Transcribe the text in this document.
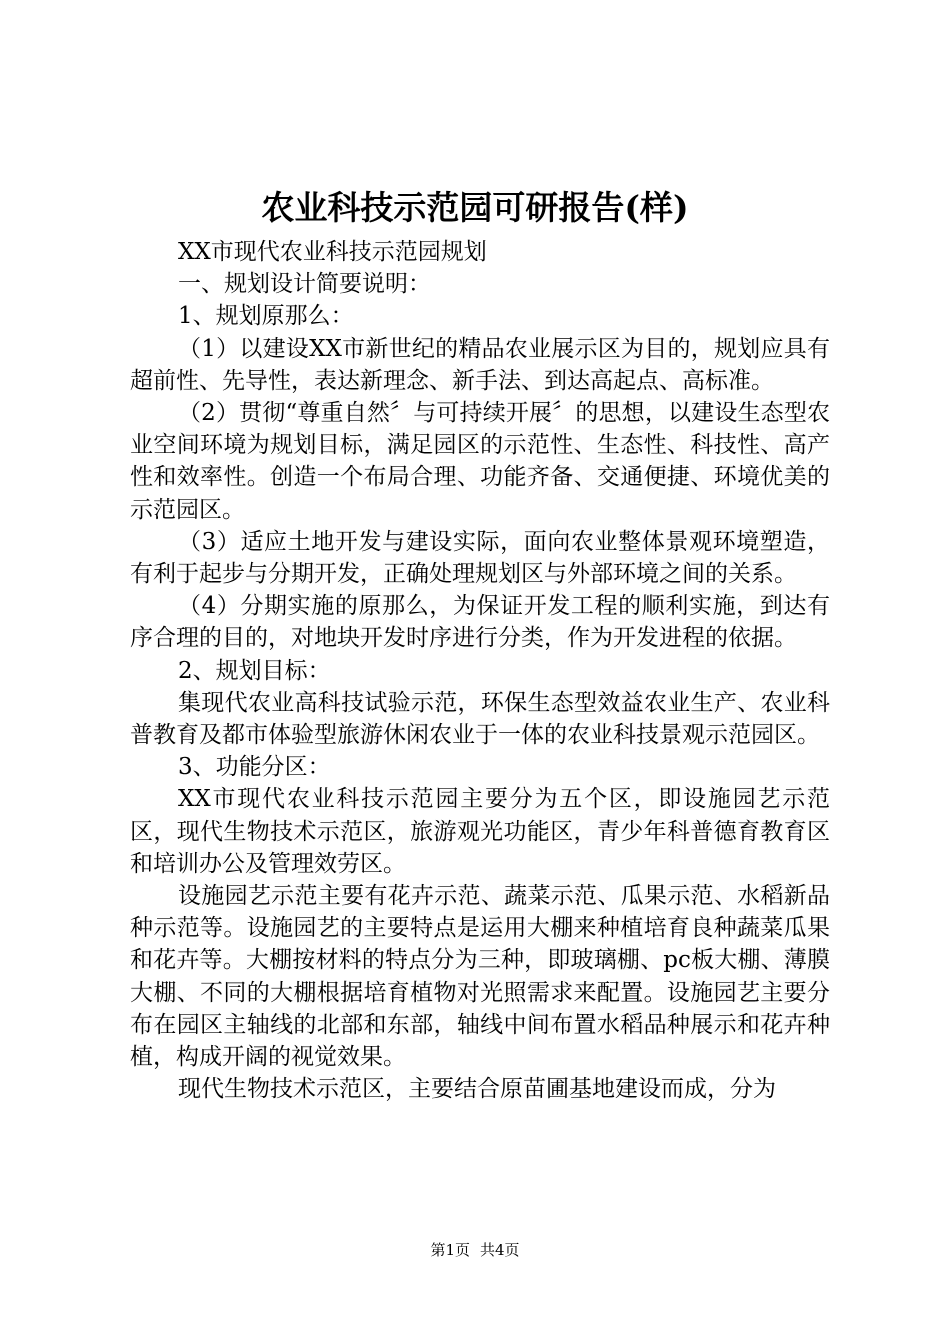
农业科技示范园可研报告(样)

XX市现代农业科技示范园规划

一、规划设计简要说明：

1、规划原那么：

（1）以建设XX市新世纪的精品农业展示区为目的，规划应具有超前性、先导性，表达新理念、新手法、到达高起点、高标准。

（2）贯彻“尊重自然〞与可持续开展〞的思想，以建设生态型农业空间环境为规划目标，满足园区的示范性、生态性、科技性、高产性和效率性。创造一个布局合理、功能齐备、交通便捷、环境优美的示范园区。

（3）适应土地开发与建设实际，面向农业整体景观环境塑造，有利于起步与分期开发，正确处理规划区与外部环境之间的关系。

（4）分期实施的原那么，为保证开发工程的顺利实施，到达有序合理的目的，对地块开发时序进行分类，作为开发进程的依据。

2、规划目标：

集现代农业高科技试验示范，环保生态型效益农业生产、农业科普教育及都市体验型旅游休闲农业于一体的农业科技景观示范园区。

3、功能分区：

XX市现代农业科技示范园主要分为五个区，即设施园艺示范区，现代生物技术示范区，旅游观光功能区，青少年科普德育教育区和培训办公及管理效劳区。

设施园艺示范主要有花卉示范、蔬菜示范、瓜果示范、水稻新品种示范等。设施园艺的主要特点是运用大棚来种植培育良种蔬菜瓜果和花卉等。大棚按材料的特点分为三种，即玻璃棚、pc板大棚、薄膜大棚、不同的大棚根据培育植物对光照需求来配置。设施园艺主要分布在园区主轴线的北部和东部，轴线中间布置水稻品种展示和花卉种植，构成开阔的视觉效果。

现代生物技术示范区，主要结合原苗圃基地建设而成，分为

第1页 共4页
